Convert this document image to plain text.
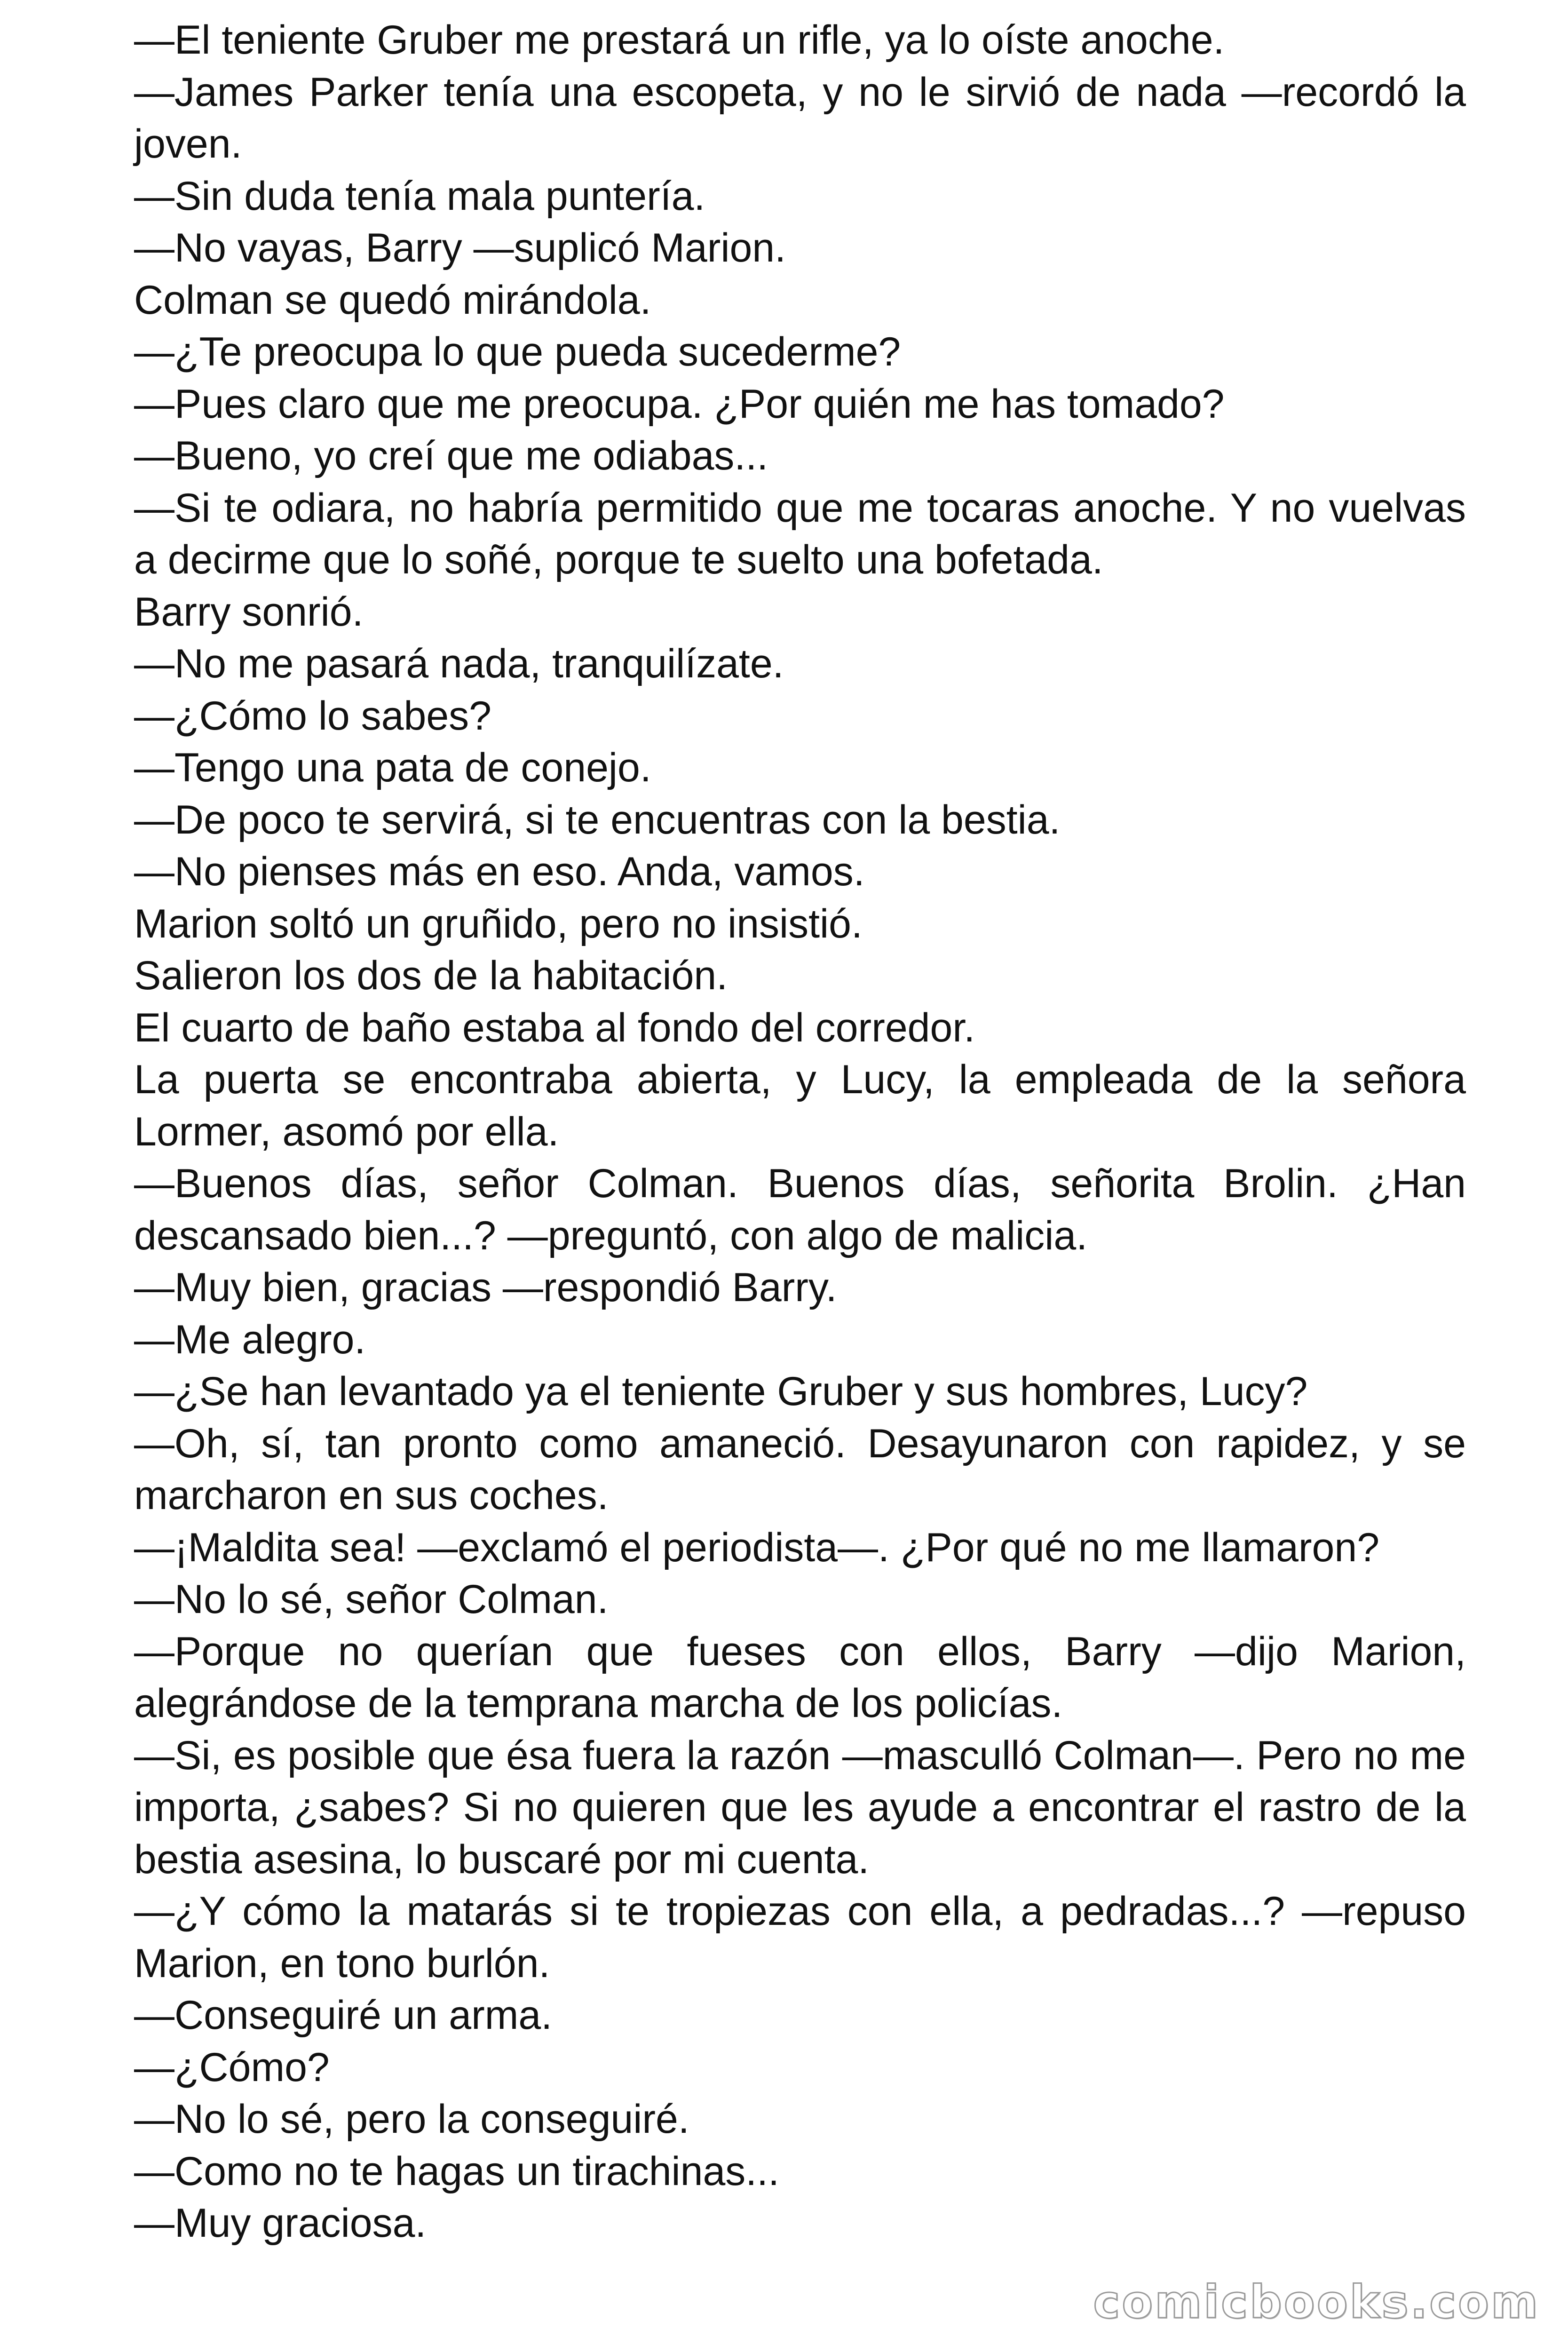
—El teniente Gruber me prestará un rifle, ya lo oíste anoche.

—James Parker tenía una escopeta, y no le sirvió de nada —recordó la joven.

—Sin duda tenía mala puntería.

—No vayas, Barry —suplicó Marion.

Colman se quedó mirándola.

—¿Te preocupa lo que pueda sucederme?

—Pues claro que me preocupa. ¿Por quién me has tomado?

—Bueno, yo creí que me odiabas...

—Si te odiara, no habría permitido que me tocaras anoche. Y no vuelvas a decirme que lo soñé, porque te suelto una bofetada.

Barry sonrió.

—No me pasará nada, tranquilízate.

—¿Cómo lo sabes?

—Tengo una pata de conejo.

—De poco te servirá, si te encuentras con la bestia.

—No pienses más en eso. Anda, vamos.

Marion soltó un gruñido, pero no insistió.

Salieron los dos de la habitación.

El cuarto de baño estaba al fondo del corredor.

La puerta se encontraba abierta, y Lucy, la empleada de la señora Lormer, asomó por ella.

—Buenos días, señor Colman. Buenos días, señorita Brolin. ¿Han descansado bien...? —preguntó, con algo de malicia.

—Muy bien, gracias —respondió Barry.

—Me alegro.

—¿Se han levantado ya el teniente Gruber y sus hombres, Lucy?

—Oh, sí, tan pronto como amaneció. Desayunaron con rapidez, y se marcharon en sus coches.

—¡Maldita sea! —exclamó el periodista—. ¿Por qué no me llamaron?

—No lo sé, señor Colman.

—Porque no querían que fueses con ellos, Barry —dijo Marion, alegrándose de la temprana marcha de los policías.

—Si, es posible que ésa fuera la razón —masculló Colman—. Pero no me importa, ¿sabes? Si no quieren que les ayude a encontrar el rastro de la bestia asesina, lo buscaré por mi cuenta.

—¿Y cómo la matarás si te tropiezas con ella, a pedradas...? —repuso Marion, en tono burlón.

—Conseguiré un arma.

—¿Cómo?

—No lo sé, pero la conseguiré.

—Como no te hagas un tirachinas...

—Muy graciosa.

comicbooks.com
